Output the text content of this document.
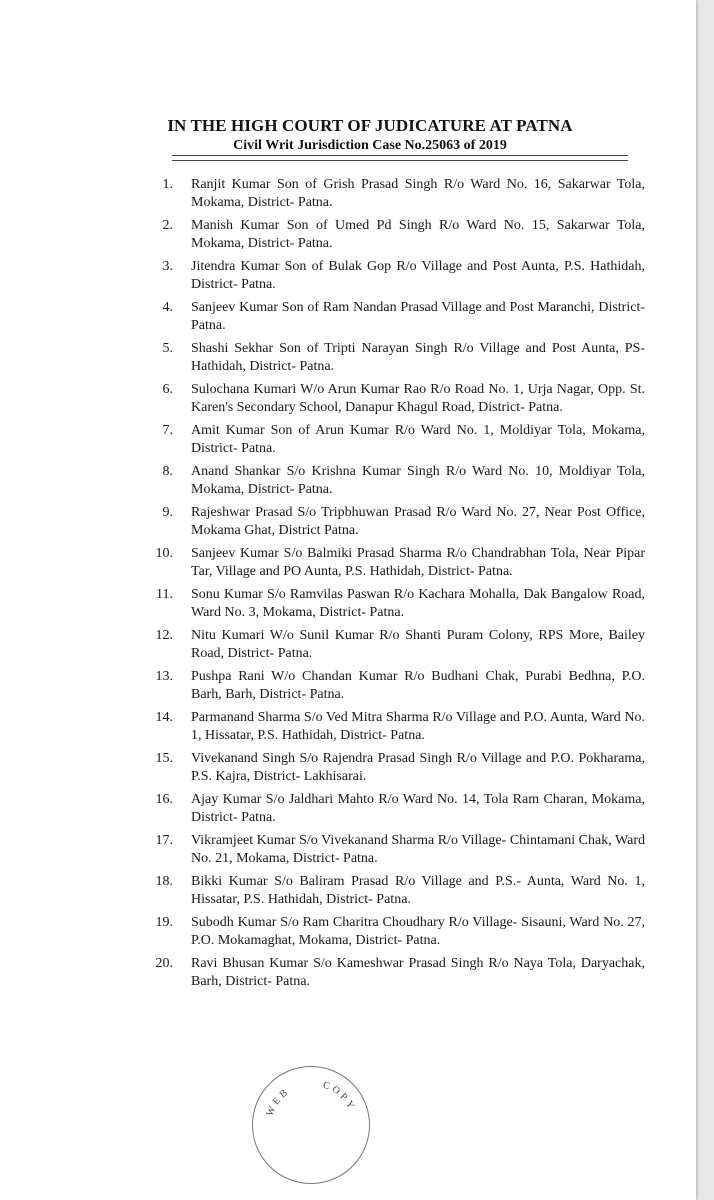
IN THE HIGH COURT OF JUDICATURE AT PATNA
Civil Writ Jurisdiction Case No.25063 of 2019
1. Ranjit Kumar Son of Grish Prasad Singh R/o Ward No. 16, Sakarwar Tola, Mokama, District- Patna.
2. Manish Kumar Son of Umed Pd Singh R/o Ward No. 15, Sakarwar Tola, Mokama, District- Patna.
3. Jitendra Kumar Son of Bulak Gop R/o Village and Post Aunta, P.S. Hathidah, District- Patna.
4. Sanjeev Kumar Son of Ram Nandan Prasad Village and Post Maranchi, District- Patna.
5. Shashi Sekhar Son of Tripti Narayan Singh R/o Village and Post Aunta, PS- Hathidah, District- Patna.
6. Sulochana Kumari W/o Arun Kumar Rao R/o Road No. 1, Urja Nagar, Opp. St. Karen's Secondary School, Danapur Khagul Road, District- Patna.
7. Amit Kumar Son of Arun Kumar R/o Ward No. 1, Moldiyar Tola, Mokama, District- Patna.
8. Anand Shankar S/o Krishna Kumar Singh R/o Ward No. 10, Moldiyar Tola, Mokama, District- Patna.
9. Rajeshwar Prasad S/o Tripbhuwan Prasad R/o Ward No. 27, Near Post Office, Mokama Ghat, District Patna.
10. Sanjeev Kumar S/o Balmiki Prasad Sharma R/o Chandrabhan Tola, Near Pipar Tar, Village and PO Aunta, P.S. Hathidah, District- Patna.
11. Sonu Kumar S/o Ramvilas Paswan R/o Kachara Mohalla, Dak Bangalow Road, Ward No. 3, Mokama, District- Patna.
12. Nitu Kumari W/o Sunil Kumar R/o Shanti Puram Colony, RPS More, Bailey Road, District- Patna.
13. Pushpa Rani W/o Chandan Kumar R/o Budhani Chak, Purabi Bedhna, P.O. Barh, Barh, District- Patna.
14. Parmanand Sharma S/o Ved Mitra Sharma R/o Village and P.O. Aunta, Ward No. 1, Hissatar, P.S. Hathidah, District- Patna.
15. Vivekanand Singh S/o Rajendra Prasad Singh R/o Village and P.O. Pokharama, P.S. Kajra, District- Lakhisarai.
16. Ajay Kumar S/o Jaldhari Mahto R/o Ward No. 14, Tola Ram Charan, Mokama, District- Patna.
17. Vikramjeet Kumar S/o Vivekanand Sharma R/o Village- Chintamani Chak, Ward No. 21, Mokama, District- Patna.
18. Bikki Kumar S/o Baliram Prasad R/o Village and P.S.- Aunta, Ward No. 1, Hissatar, P.S. Hathidah, District- Patna.
19. Subodh Kumar S/o Ram Charitra Choudhary R/o Village- Sisauni, Ward No. 27, P.O. Mokamaghat, Mokama, District- Patna.
20. Ravi Bhusan Kumar S/o Kameshwar Prasad Singh R/o Naya Tola, Daryachak, Barh, District- Patna.
WEB	COPY
